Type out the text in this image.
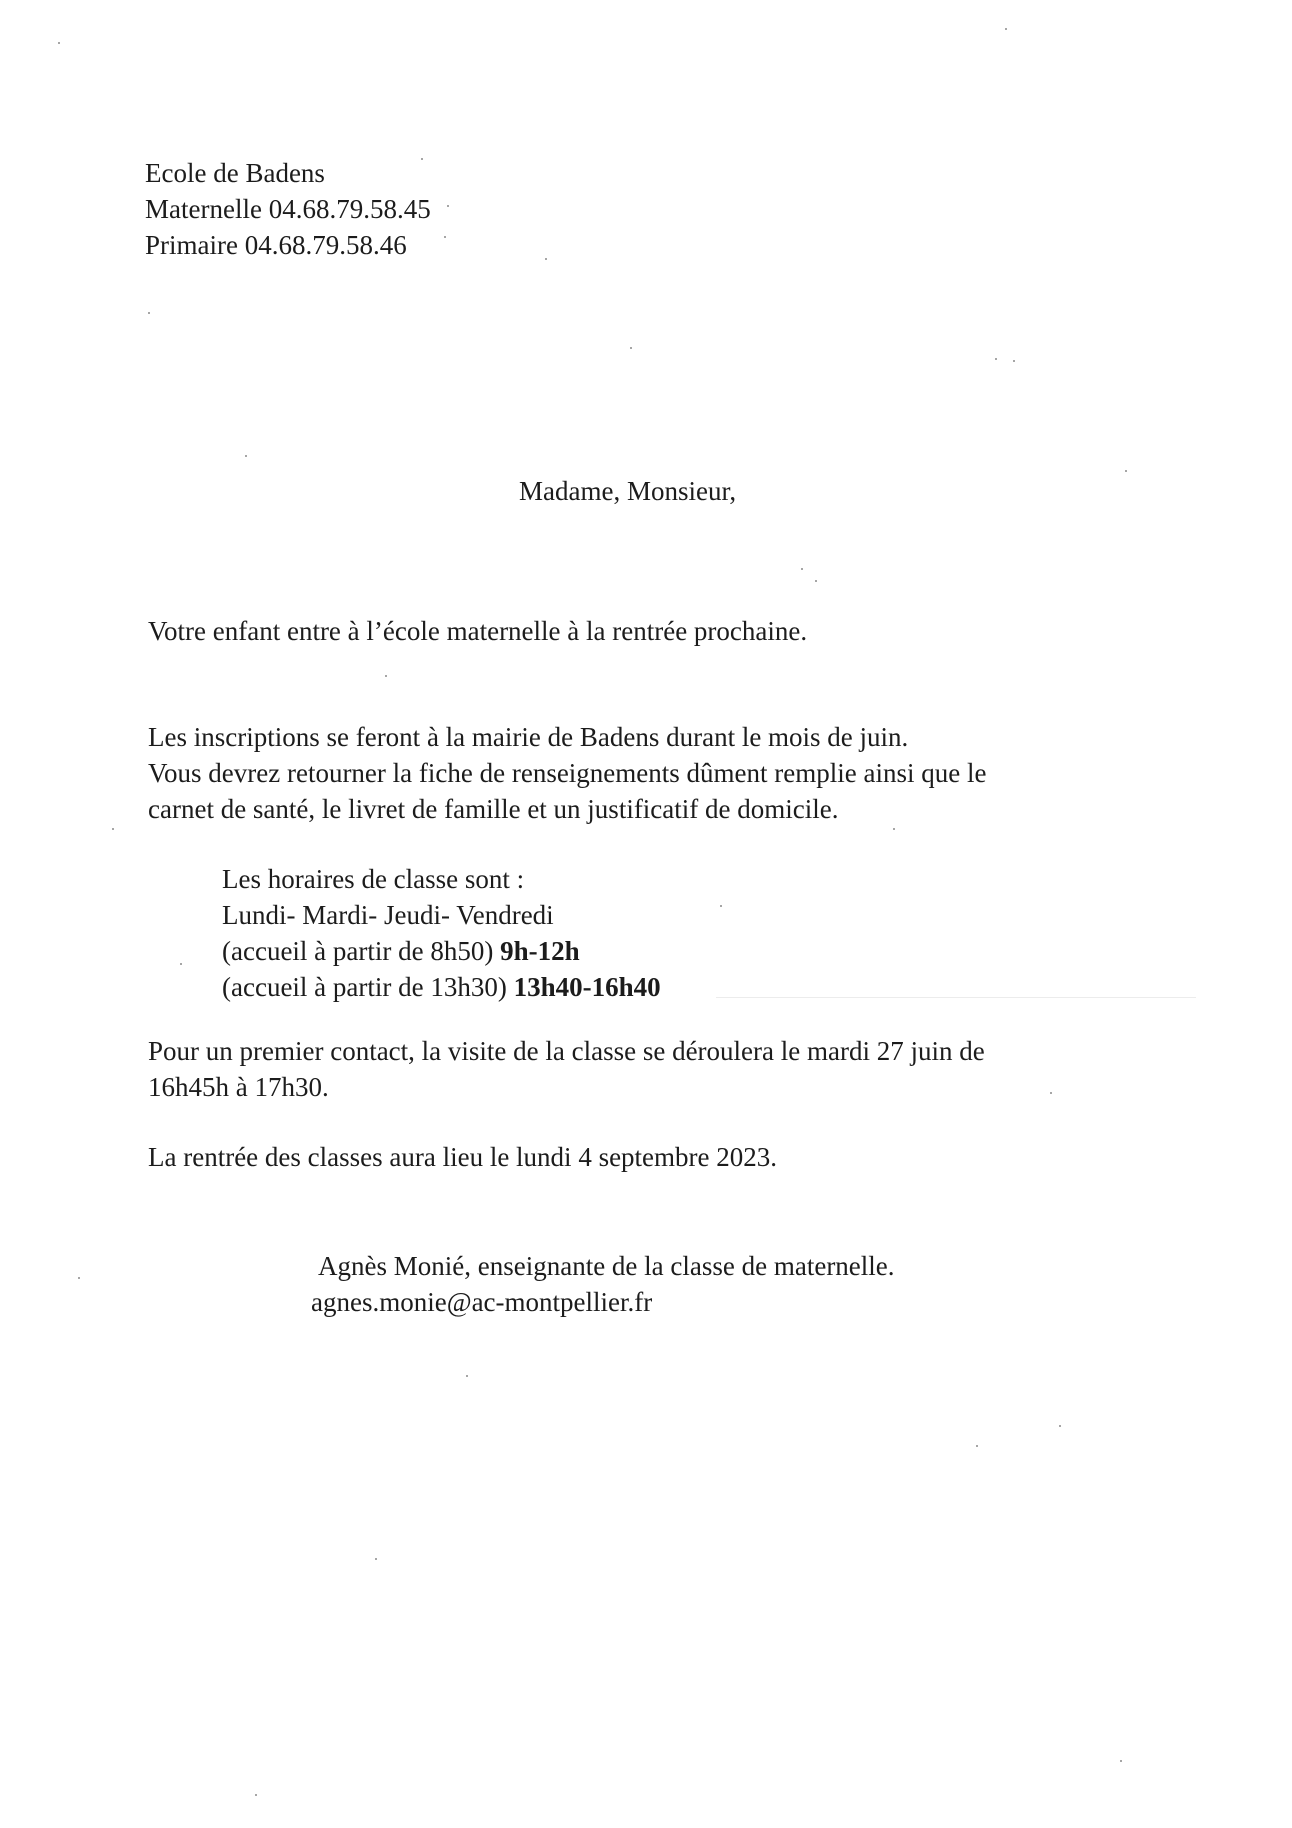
Ecole de Badens
Maternelle 04.68.79.58.45
Primaire 04.68.79.58.46
Madame, Monsieur,
Votre enfant entre à l’école maternelle à la rentrée prochaine.
Les inscriptions se feront à la mairie de Badens durant le mois de juin.
Vous devrez retourner la fiche de renseignements dûment remplie ainsi que le
carnet de santé, le livret de famille et un justificatif de domicile.
Les horaires de classe sont :
Lundi- Mardi- Jeudi- Vendredi
(accueil à partir de 8h50) 9h-12h
(accueil à partir de 13h30) 13h40-16h40
Pour un premier contact, la visite de la classe se déroulera le mardi 27 juin de
16h45h à 17h30.
La rentrée des classes aura lieu le lundi 4 septembre 2023.
Agnès Monié, enseignante de la classe de maternelle.
agnes.monie@ac-montpellier.fr
